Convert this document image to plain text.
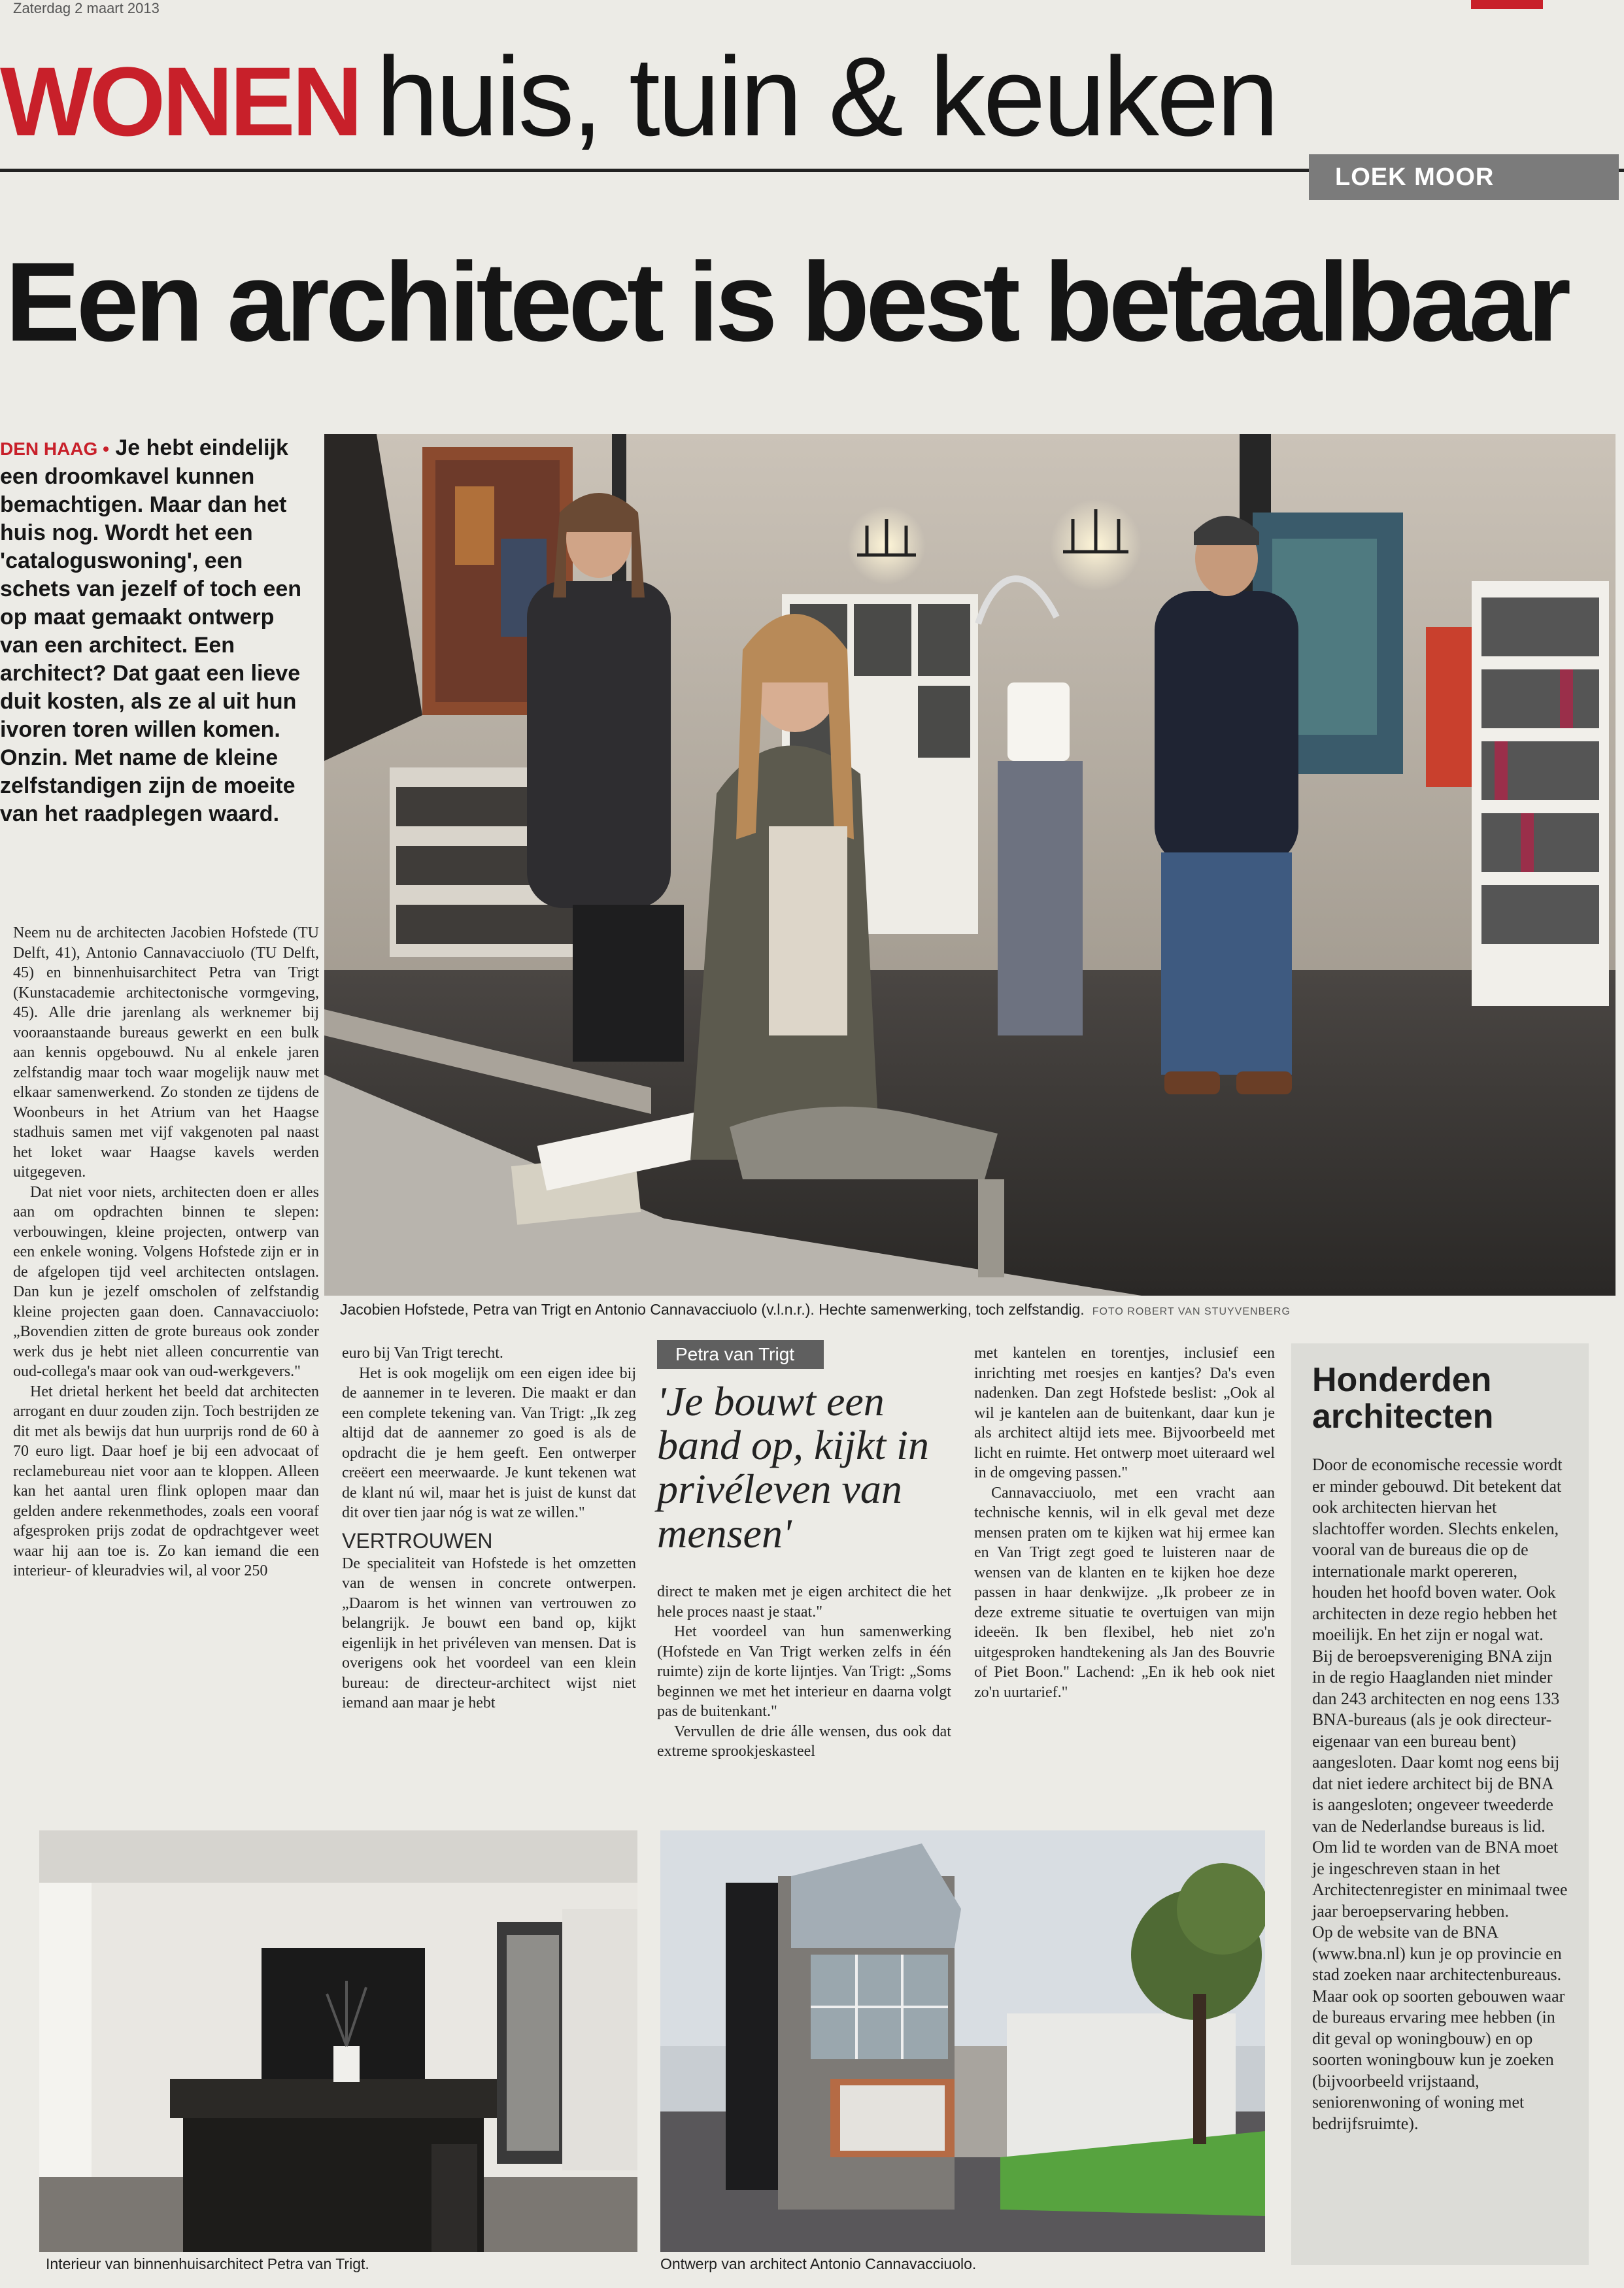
Zaterdag 2 maart 2013
WONEN huis, tuin & keuken
LOEK MOOR
Een architect is best betaalbaar
DEN HAAG • Je hebt eindelijk een droomkavel kunnen bemachtigen. Maar dan het huis nog. Wordt het een 'cataloguswoning', een schets van jezelf of toch een op maat gemaakt ontwerp van een architect. Een architect? Dat gaat een lieve duit kosten, als ze al uit hun ivoren toren willen komen. Onzin. Met name de kleine zelfstandigen zijn de moeite van het raadplegen waard.
Jacobien Hofstede, Petra van Trigt en Antonio Cannavacciuolo (v.l.n.r.). Hechte samenwerking, toch zelfstandig. FOTO ROBERT VAN STUYVENBERG

Neem nu de architecten Jacobien Hofstede (TU Delft, 41), Antonio Cannavacciuolo (TU Delft, 45) en binnenhuisarchitect Petra van Trigt (Kunstacademie architectonische vormgeving, 45). Alle drie jarenlang als werknemer bij vooraanstaande bureaus gewerkt en een bulk aan kennis opgebouwd. Nu al enkele jaren zelfstandig maar toch waar mogelijk nauw met elkaar samenwerkend. Zo stonden ze tijdens de Woonbeurs in het Atrium van het Haagse stadhuis samen met vijf vakgenoten pal naast het loket waar Haagse kavels werden uitgegeven.

Dat niet voor niets, architecten doen er alles aan om opdrachten binnen te slepen: verbouwingen, kleine projecten, ontwerp van een enkele woning. Volgens Hofstede zijn er in de afgelopen tijd veel architecten ontslagen. Dan kun je jezelf omscholen of zelfstandig kleine projecten gaan doen. Cannavacciuolo: „Bovendien zitten de grote bureaus ook zonder werk dus je hebt niet alleen concurrentie van oud-collega's maar ook van oud-werkgevers."

Het drietal herkent het beeld dat architecten arrogant en duur zouden zijn. Toch bestrijden ze dit met als bewijs dat hun uurprijs rond de 60 à 70 euro ligt. Daar hoef je bij een advocaat of reclamebureau niet voor aan te kloppen. Alleen kan het aantal uren flink oplopen maar dan gelden andere rekenmethodes, zoals een vooraf afgesproken prijs zodat de opdrachtgever weet waar hij aan toe is. Zo kan iemand die een interieur- of kleuradvies wil, al voor 250

euro bij Van Trigt terecht.

Het is ook mogelijk om een eigen idee bij de aannemer in te leveren. Die maakt er dan een complete tekening van. Van Trigt: „Ik zeg altijd dat de aannemer zo goed is als de opdracht die je hem geeft. Een ontwerper creëert een meerwaarde. Je kunt tekenen wat de klant nú wil, maar het is juist de kunst dat dit over tien jaar nóg is wat ze willen."

VERTROUWEN

De specialiteit van Hofstede is het omzetten van de wensen in concrete ontwerpen. „Daarom is het winnen van vertrouwen zo belangrijk. Je bouwt een band op, kijkt eigenlijk in het privéleven van mensen. Dat is overigens ook het voordeel van een klein bureau: de directeur-architect wijst niet iemand aan maar je hebt

Petra van Trigt
'Je bouwt een band op, kijkt in privéleven van mensen'

direct te maken met je eigen architect die het hele proces naast je staat."

Het voordeel van hun samenwerking (Hofstede en Van Trigt werken zelfs in één ruimte) zijn de korte lijntjes. Van Trigt: „Soms beginnen we met het interieur en daarna volgt pas de buitenkant."

Vervullen de drie álle wensen, dus ook dat extreme sprookjeskasteel

met kantelen en torentjes, inclusief een inrichting met roesjes en kantjes? Da's even nadenken. Dan zegt Hofstede beslist: „Ook al wil je kantelen aan de buitenkant, daar kun je als architect altijd iets mee. Bijvoorbeeld met licht en ruimte. Het ontwerp moet uiteraard wel in de omgeving passen."

Cannavacciuolo, met een vracht aan technische kennis, wil in elk geval met deze mensen praten om te kijken wat hij ermee kan en Van Trigt zegt goed te luisteren naar de wensen van de klanten en te kijken hoe deze passen in haar denkwijze. „Ik probeer ze in deze extreme situatie te overtuigen van mijn ideeën. Ik ben flexibel, heb niet zo'n uitgesproken handtekening als Jan des Bouvrie of Piet Boon." Lachend: „En ik heb ook niet zo'n uurtarief."

Honderden architecten

Door de economische recessie wordt er minder gebouwd. Dit betekent dat ook architecten hiervan het slachtoffer worden. Slechts enkelen, vooral van de bureaus die op de internationale markt opereren, houden het hoofd boven water. Ook architecten in deze regio hebben het moeilijk. En het zijn er nogal wat. Bij de beroepsvereniging BNA zijn in de regio Haaglanden niet minder dan 243 architecten en nog eens 133 BNA-bureaus (als je ook directeur-eigenaar van een bureau bent) aangesloten. Daar komt nog eens bij dat niet iedere architect bij de BNA is aangesloten; ongeveer tweederde van de Nederlandse bureaus is lid. Om lid te worden van de BNA moet je ingeschreven staan in het Architectenregister en minimaal twee jaar beroepservaring hebben.

Op de website van de BNA (www.bna.nl) kun je op provincie en stad zoeken naar architectenbureaus. Maar ook op soorten gebouwen waar de bureaus ervaring mee hebben (in dit geval op woningbouw) en op soorten woningbouw kun je zoeken (bijvoorbeeld vrijstaand, seniorenwoning of woning met bedrijfsruimte).

Interieur van binnenhuisarchitect Petra van Trigt.	Ontwerp van architect Antonio Cannavacciuolo.
